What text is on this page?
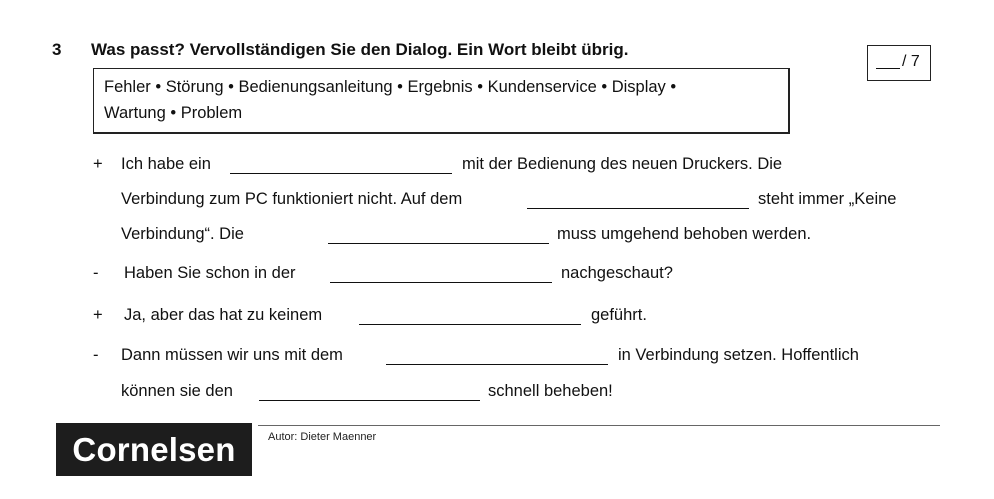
3 Was passt? Vervollständigen Sie den Dialog. Ein Wort bleibt übrig.
/ 7
Fehler • Störung • Bedienungsanleitung • Ergebnis • Kundenservice • Display •
Wartung • Problem
+ Ich habe ein	mit der Bedienung des neuen Druckers. Die
Verbindung zum PC funktioniert nicht. Auf dem	steht immer „Keine
Verbindung“. Die	muss umgehend behoben werden.
- Haben Sie schon in der	nachgeschaut?
+ Ja, aber das hat zu keinem	geführt.
- Dann müssen wir uns mit dem	in Verbindung setzen. Hoffentlich
können sie den	schnell beheben!
Cornelsen	Autor: Dieter Maenner
